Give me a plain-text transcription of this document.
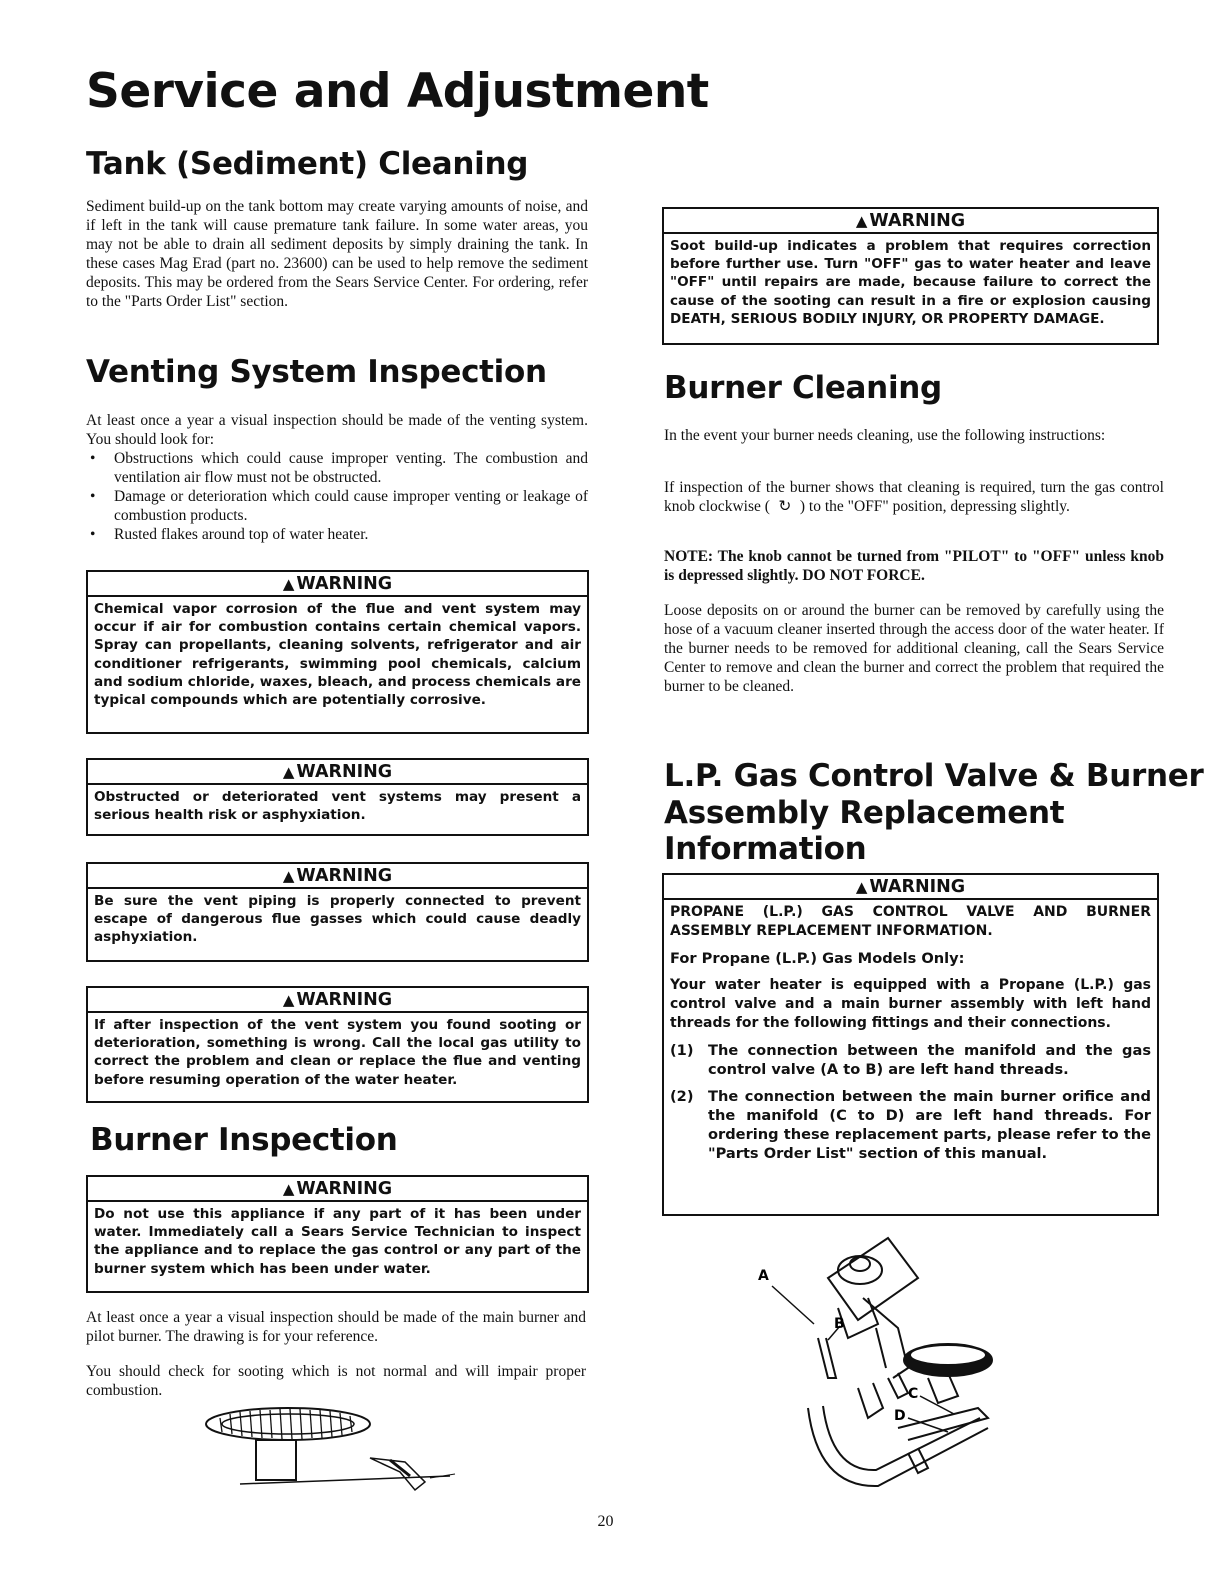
Service and Adjustment
Tank (Sediment) Cleaning

Sediment build-up on the tank bottom may create varying amounts of noise, and if left in the tank will cause premature tank failure. In some water areas, you may not be able to drain all sediment deposits by simply draining the tank. In these cases Mag Erad (part no. 23600) can be used to help remove the sediment deposits. This may be ordered from the Sears Service Center. For ordering, refer to the "Parts Order List" section.

Venting System Inspection
At least once a year a visual inspection should be made of the venting system. You should look for:
• Obstructions which could cause improper venting. The combustion and ventilation air flow must not be obstructed.
• Damage or deterioration which could cause improper venting or leakage of combustion products.
• Rusted flakes around top of water heater.
▲ WARNING
Chemical vapor corrosion of the flue and vent system may occur if air for combustion contains certain chemical vapors. Spray can propellants, cleaning solvents, refrigerator and air conditioner refrigerants, swimming pool chemicals, calcium and sodium chloride, waxes, bleach, and process chemicals are typical compounds which are potentially corrosive.
▲ WARNING
Obstructed or deteriorated vent systems may present a serious health risk or asphyxiation.
▲ WARNING
Be sure the vent piping is properly connected to prevent escape of dangerous flue gasses which could cause deadly asphyxiation.
▲ WARNING
If after inspection of the vent system you found sooting or deterioration, something is wrong. Call the local gas utility to correct the problem and clean or replace the flue and venting before resuming operation of the water heater.
Burner Inspection
▲ WARNING
Do not use this appliance if any part of it has been under water. Immediately call a Sears Service Technician to inspect the appliance and to replace the gas control or any part of the burner system which has been under water.

At least once a year a visual inspection should be made of the main burner and pilot burner. The drawing is for your reference.

You should check for sooting which is not normal and will impair proper combustion.

▲ WARNING
Soot build-up indicates a problem that requires correction before further use. Turn "OFF" gas to water heater and leave "OFF" until repairs are made, because failure to correct the cause of the sooting can result in a fire or explosion causing DEATH, SERIOUS BODILY INJURY, OR PROPERTY DAMAGE.
Burner Cleaning

In the event your burner needs cleaning, use the following instructions:

If inspection of the burner shows that cleaning is required, turn the gas control knob clockwise ( ↻ ) to the "OFF" position, depressing slightly.

NOTE: The knob cannot be turned from "PILOT" to "OFF" unless knob is depressed slightly. DO NOT FORCE.

Loose deposits on or around the burner can be removed by carefully using the hose of a vacuum cleaner inserted through the access door of the water heater. If the burner needs to be removed for additional cleaning, call the Sears Service Center to remove and clean the burner and correct the problem that required the burner to be cleaned.

L.P. Gas Control Valve & Burner
Assembly Replacement
Information
▲ WARNING
PROPANE (L.P.) GAS CONTROL VALVE AND BURNER ASSEMBLY REPLACEMENT INFORMATION.
For Propane (L.P.) Gas Models Only:
Your water heater is equipped with a Propane (L.P.) gas control valve and a main burner assembly with left hand threads for the following fittings and their connections.
(1) The connection between the manifold and the gas control valve (A to B) are left hand threads.
(2) The connection between the main burner orifice and the manifold (C to D) are left hand threads. For ordering these replacement parts, please refer to the "Parts Order List" section of this manual.
A
B
C
D
20
